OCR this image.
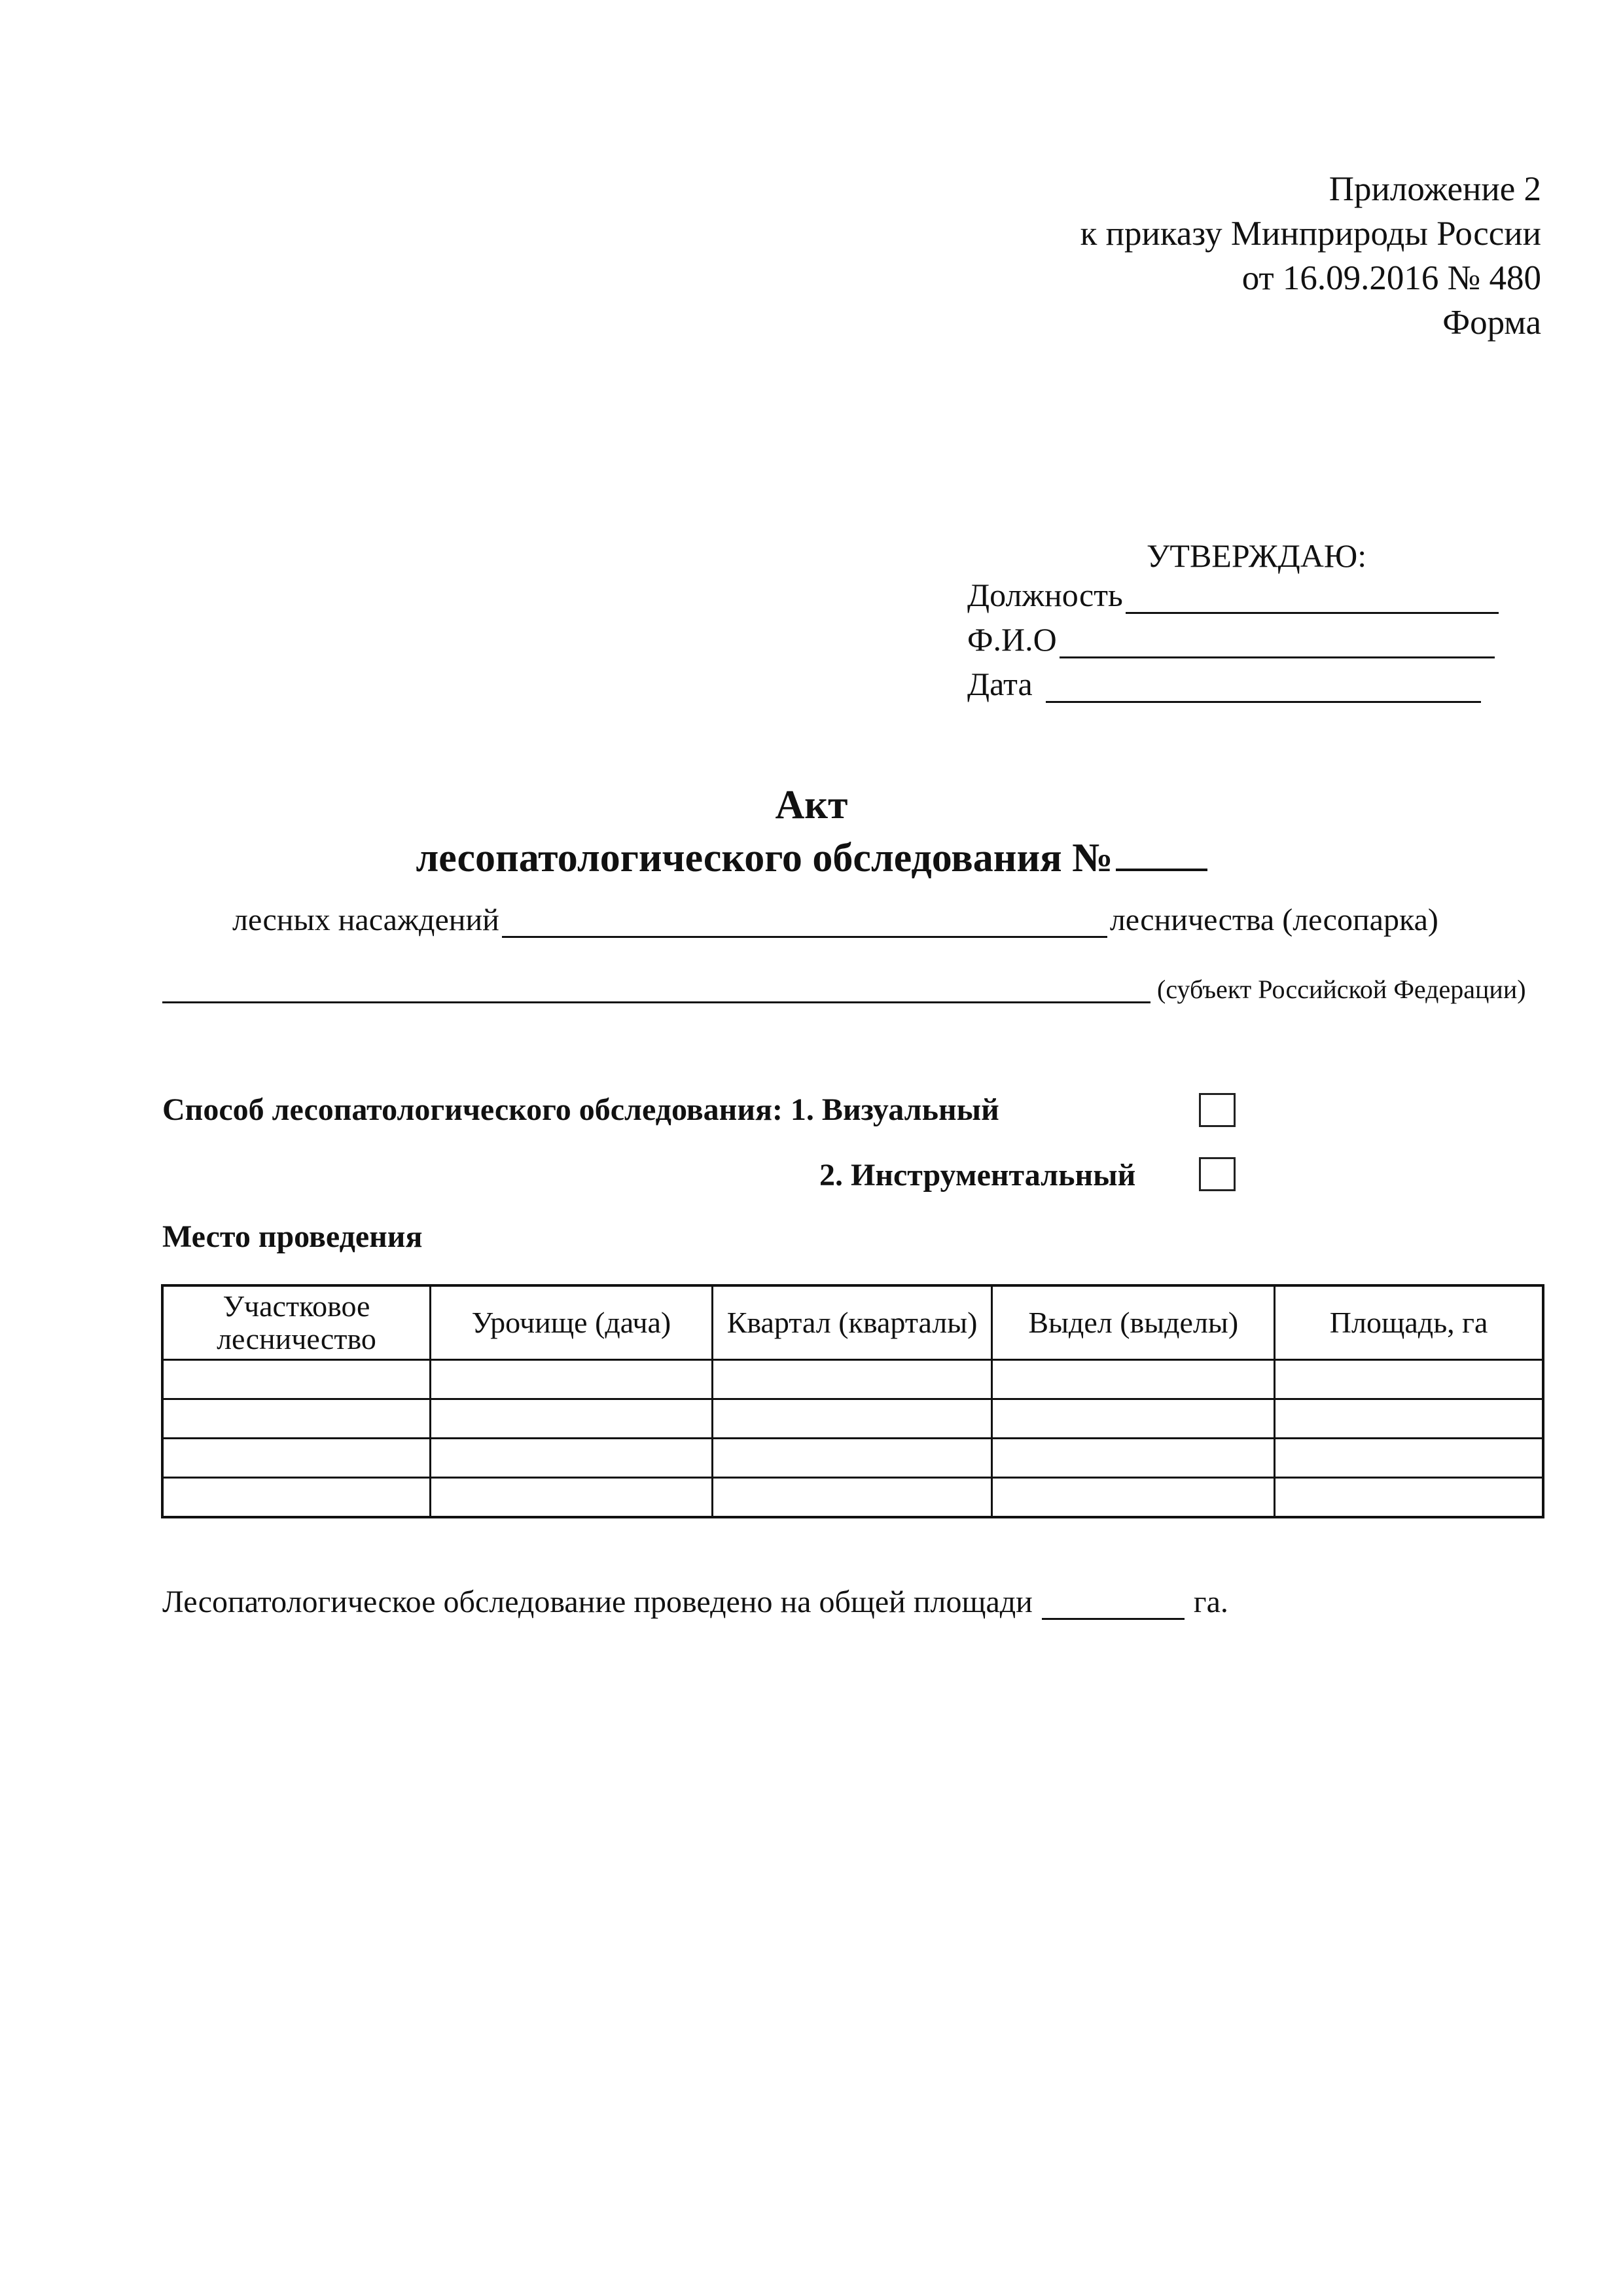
Приложение 2
к приказу Минприроды России
от 16.09.2016 № 480
Форма
УТВЕРЖДАЮ:
Должность
Ф.И.О
Дата
Акт
лесопатологического обследования №
лесных насаждений	лесничества (лесопарка)
(субъект Российской Федерации)
Способ лесопатологического обследования: 1. Визуальный
2. Инструментальный
Место проведения
Участковое лесничество	Урочище (дача)	Квартал (кварталы)	Выдел (выделы)	Площадь, га

Лесопатологическое обследование проведено на общей площади	га.
